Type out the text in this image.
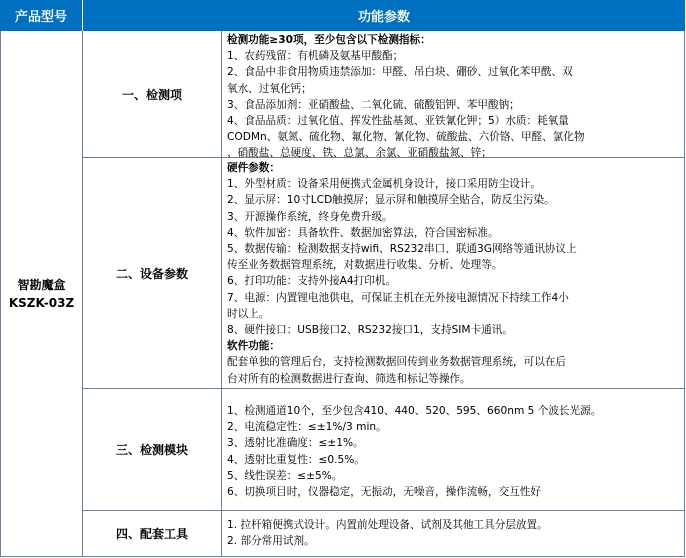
产品型号	功能参数
智勘魔盒
KSZK-03Z
一、检测项
检测功能≥30项，至少包含以下检测指标：
1、农药残留：有机磷及氨基甲酸酯；
2、食品中非食用物质违禁添加：甲醛、吊白块、硼砂、过氧化苯甲酰、双
氧水、过氧化钙；
3、食品添加剂：亚硝酸盐、二氧化硫、硫酸铝钾、苯甲酸钠；
4、食品品质：过氧化值、挥发性盐基氮、亚铁氰化钾；5）水质：耗氧量
CODMn、氨氮、硫化物、氟化物、氰化物、硫酸盐、六价铬、甲醛、氯化物
、硝酸盐、总硬度、铁、总氯、余氯、亚硝酸盐氮、锌；
二、设备参数
硬件参数：
1、外型材质：设备采用便携式金属机身设计，接口采用防尘设计。
2、显示屏：10寸LCD触摸屏；显示屏和触摸屏全贴合，防反尘污染。
3、开源操作系统，终身免费升级。
4、软件加密：具备软件、数据加密算法，符合国密标准。
5、数据传输：检测数据支持wifi、RS232串口、联通3G网络等通讯协议上
传至业务数据管理系统，对数据进行收集、分析、处理等。
6、打印功能：支持外接A4打印机。
7、电源：内置锂电池供电，可保证主机在无外接电源情况下持续工作4小
时以上。
8、硬件接口：USB接口2、RS232接口1，支持SIM卡通讯。
软件功能：
配套单独的管理后台，支持检测数据回传到业务数据管理系统，可以在后
台对所有的检测数据进行查询、筛选和标记等操作。
三、检测模块
1、检测通道10个，至少包含410、440、520、595、660nm 5 个波长光源。
2、电流稳定性：≤±1%/3 min。
3、透射比准确度：≤±1%。
4、透射比重复性：≤0.5%。
5、线性误差：≤±5%。
6、切换项目时，仪器稳定，无振动，无噪音，操作流畅，交互性好
四、配套工具
1. 拉杆箱便携式设计。内置前处理设备、试剂及其他工具分层放置。
2. 部分常用试剂。
